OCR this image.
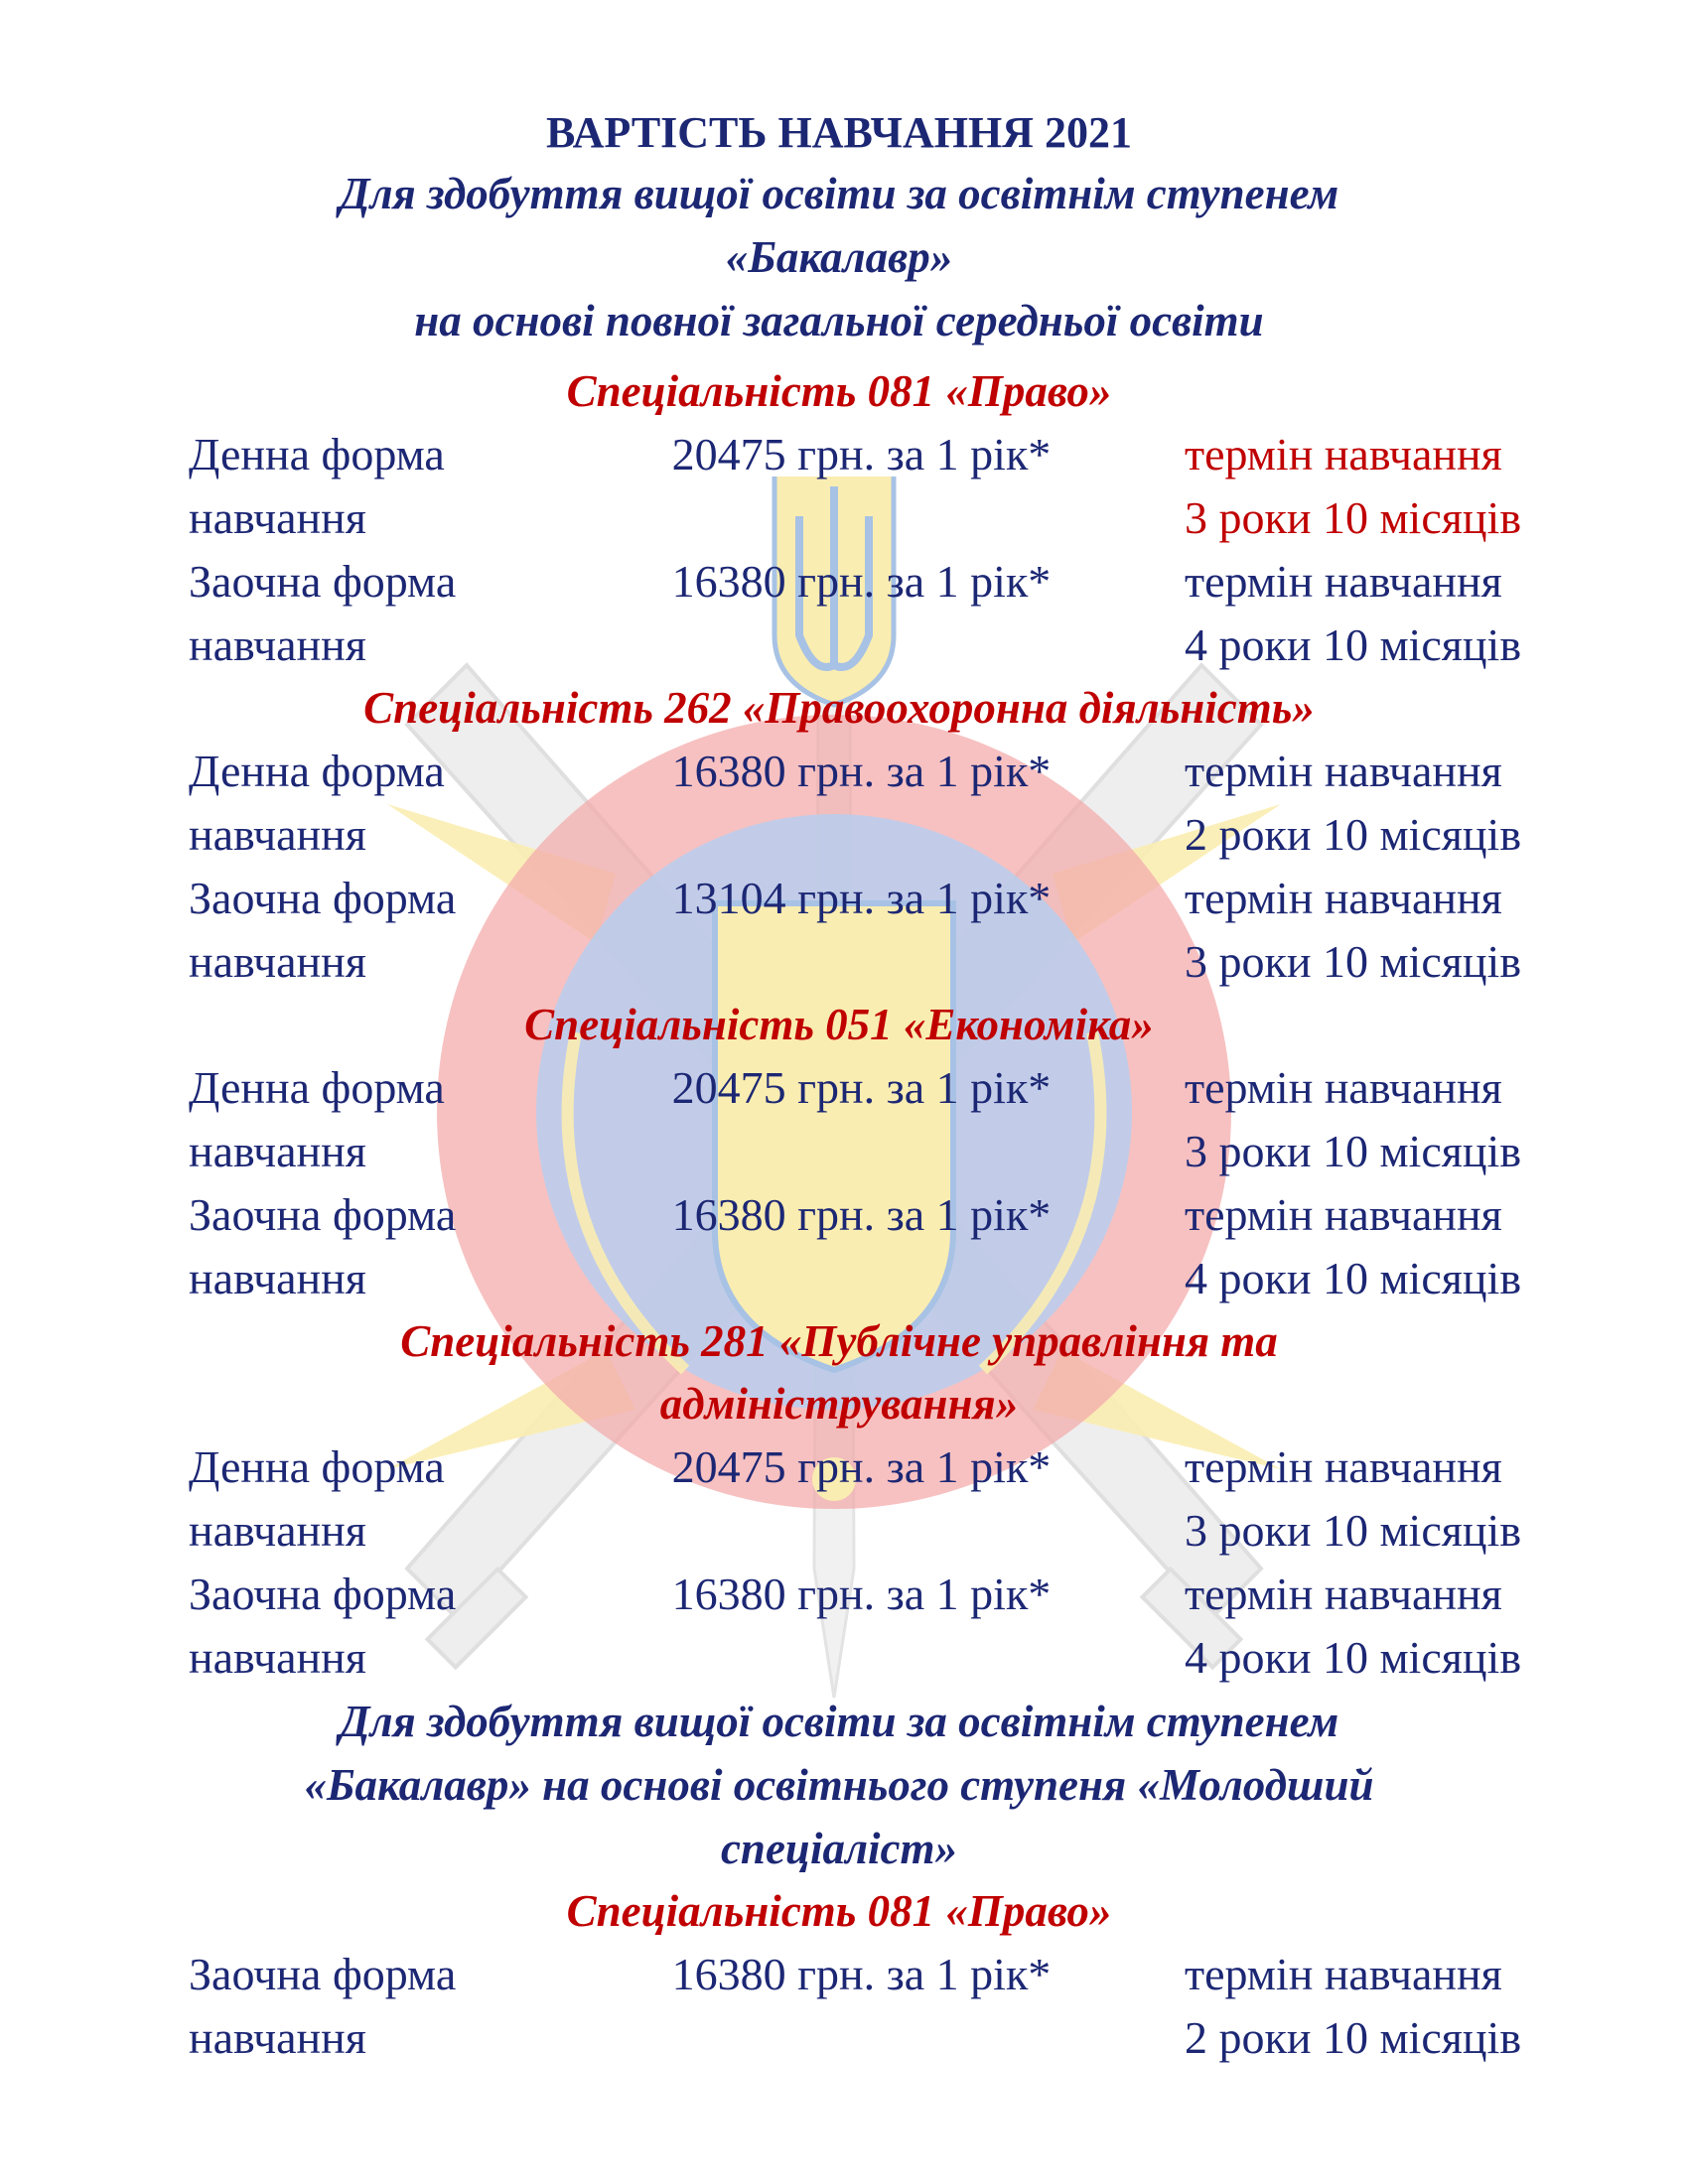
ВАРТІСТЬ НАВЧАННЯ 2021
Для здобуття вищої освіти за освітнім ступенем
«Бакалавр»
на основі повної загальної середньої освіти
Спеціальність 081 «Право»
Денна форма	20475 грн. за 1 рік*	термін навчання
навчання	3 роки 10 місяців
Заочна форма	16380 грн. за 1 рік*	термін навчання
навчання	4 роки 10 місяців
Спеціальність 262 «Правоохоронна діяльність»
Денна форма	16380 грн. за 1 рік*	термін навчання
навчання	2 роки 10 місяців
Заочна форма	13104 грн. за 1 рік*	термін навчання
навчання	3 роки 10 місяців
Спеціальність 051 «Економіка»
Денна форма	20475 грн. за 1 рік*	термін навчання
навчання	3 роки 10 місяців
Заочна форма	16380 грн. за 1 рік*	термін навчання
навчання	4 роки 10 місяців
Спеціальність 281 «Публічне управління та
адміністрування»
Денна форма	20475 грн. за 1 рік*	термін навчання
навчання	3 роки 10 місяців
Заочна форма	16380 грн. за 1 рік*	термін навчання
навчання	4 роки 10 місяців
Для здобуття вищої освіти за освітнім ступенем
«Бакалавр» на основі освітнього ступеня «Молодший
спеціаліст»
Спеціальність 081 «Право»
Заочна форма	16380 грн. за 1 рік*	термін навчання
навчання	2 роки 10 місяців
